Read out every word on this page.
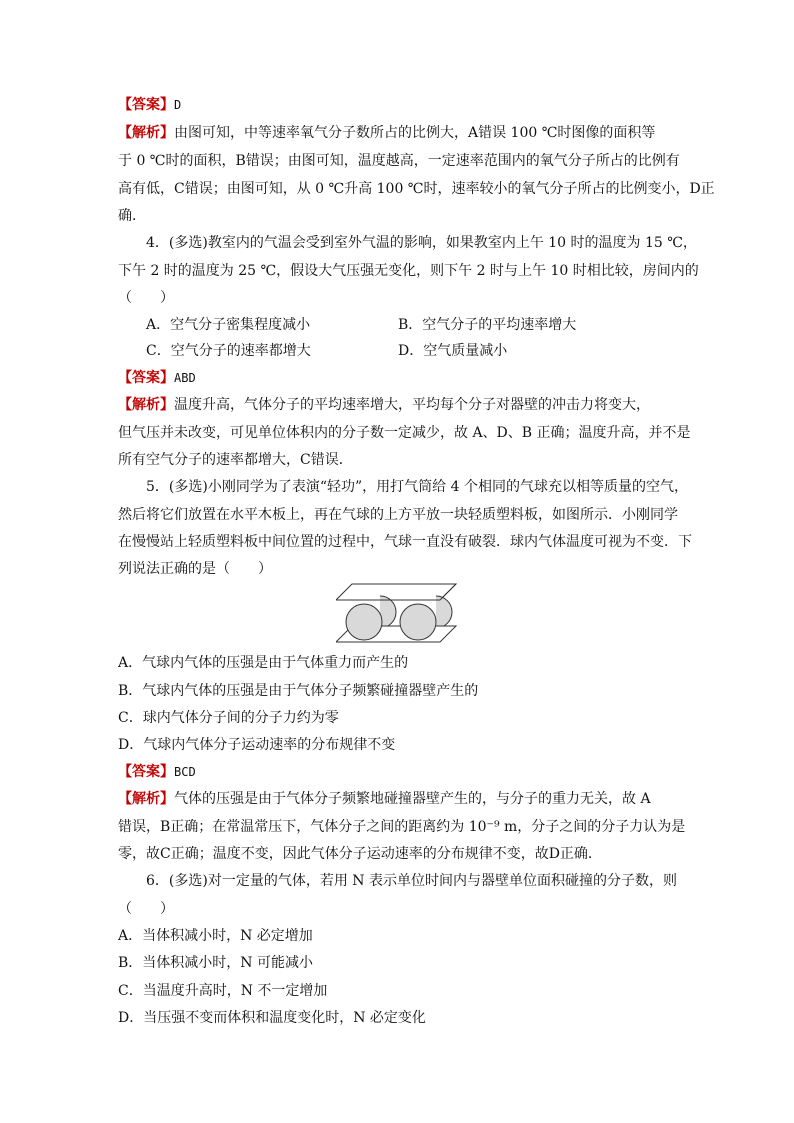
【答案】D
【解析】由图可知，中等速率氧气分子数所占的比例大，A错误 100 ℃时图像的面积等
于 0 ℃时的面积，B错误；由图可知，温度越高，一定速率范围内的氧气分子所占的比例有
高有低，C错误；由图可知，从 0 ℃升高 100 ℃时，速率较小的氧气分子所占的比例变小，D正
确．
4．(多选)教室内的气温会受到室外气温的影响，如果教室内上午 10 时的温度为 15 ℃，
下午 2 时的温度为 25 ℃，假设大气压强无变化，则下午 2 时与上午 10 时相比较，房间内的
（　　）
A．空气分子密集程度减小	B．空气分子的平均速率增大
C．空气分子的速率都增大	D．空气质量减小
【答案】ABD
【解析】温度升高，气体分子的平均速率增大，平均每个分子对器壁的冲击力将变大，
但气压并未改变，可见单位体积内的分子数一定减少，故 A、D、B 正确；温度升高，并不是
所有空气分子的速率都增大，C错误．
5．(多选)小刚同学为了表演“轻功”，用打气筒给 4 个相同的气球充以相等质量的空气，
然后将它们放置在水平木板上，再在气球的上方平放一块轻质塑料板，如图所示．小刚同学
在慢慢站上轻质塑料板中间位置的过程中，气球一直没有破裂．球内气体温度可视为不变．下
列说法正确的是（　　）
A．气球内气体的压强是由于气体重力而产生的
B．气球内气体的压强是由于气体分子频繁碰撞器壁产生的
C．球内气体分子间的分子力约为零
D．气球内气体分子运动速率的分布规律不变
【答案】BCD
【解析】气体的压强是由于气体分子频繁地碰撞器壁产生的，与分子的重力无关，故 A
错误，B正确；在常温常压下，气体分子之间的距离约为 10⁻⁹ m，分子之间的分子力认为是
零，故C正确；温度不变，因此气体分子运动速率的分布规律不变，故D正确．
6．(多选)对一定量的气体，若用 N 表示单位时间内与器壁单位面积碰撞的分子数，则
（　　）
A．当体积减小时，N 必定增加
B．当体积减小时，N 可能减小
C．当温度升高时，N 不一定增加
D．当压强不变而体积和温度变化时，N 必定变化
